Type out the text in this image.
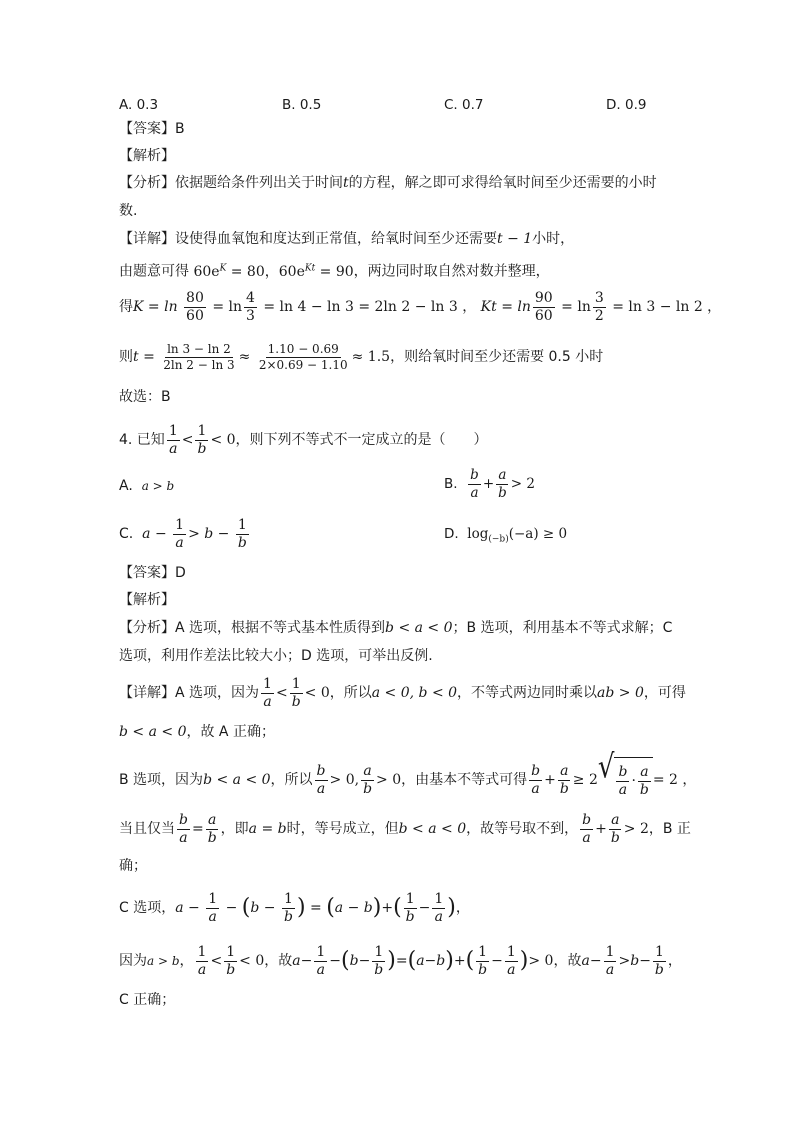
A. 0.3	B. 0.5	C. 0.7	D. 0.9
【答案】B
【解析】
【分析】依据题给条件列出关于时间t的方程，解之即可求得给氧时间至少还需要的小时
数.
【详解】设使得血氧饱和度达到正常值，给氧时间至少还需要t − 1小时，
由题意可得 $60e^K = 80$，$60e^{Kt} = 90$，两边同时取自然对数并整理，
得$K = \ln \frac{80}{60} = \ln \frac{4}{3} = \ln 4 - \ln 3 = 2\ln$ 2 − ln 3 ， $Kt = \ln \frac{90}{60} = \ln \frac{3}{2} = \ln 3 - \ln 2$ ，
则$t = \frac{\ln 3 - \ln 2}{2\ln 2 - \ln 3} \approx \frac{1.10 - 0.69}{2\times 0.69 - 1.10} \approx 1.5$，则给氧时间至少还需要 0.5 小时
故选：B
4. 已知 $\frac{1}{a} < \frac{1}{b} < 0$，则下列不等式不一定成立的是（　　）
A. a > b	B. $\frac{b}{a} + \frac{a}{b} > 2$
C. $a - \frac{1}{a} > b - \frac{1}{b}$	D. $\log_{(-b)}(-a) \ge 0$
【答案】D
【解析】
【分析】A 选项，根据不等式基本性质得到b < a < 0；B 选项，利用基本不等式求解；C
选项，利用作差法比较大小；D 选项，可举出反例.
【详解】A 选项，因为 $\frac{1}{a} < \frac{1}{b} < 0$，所以a < 0, b < 0，不等式两边同时乘以ab > 0，可得
b < a < 0，故 A 正确；
B 选项，因为b < a < 0，所以 $\frac{b}{a} > 0$, $\frac{a}{b} > 0$，由基本不等式可得 $\frac{b}{a} + \frac{a}{b} \ge 2$ √ $\frac{b}{a} \cdot \frac{a}{b} = 2$ ，
当且仅当 $\frac{b}{a} = \frac{a}{b}$ ，即a = b时，等号成立，但b < a < 0，故等号取不到， $\frac{b}{a} + \frac{a}{b} > 2$，B 正
确；
C 选项，$a - \frac{1}{a} - (b - \frac{1}{b}$ ) = $(a - b)+( \frac{1}{b} - \frac{1}{a}$ )，
因为a > b， $\frac{1}{a} < \frac{1}{b} < 0$，故$a- \frac{1}{a} -(b- \frac{1}{b} )=(a-b)+( \frac{1}{b} - \frac{1}{a}$ )> 0，故$a- \frac{1}{a} >b- \frac{1}{b}$ ，
C 正确；
